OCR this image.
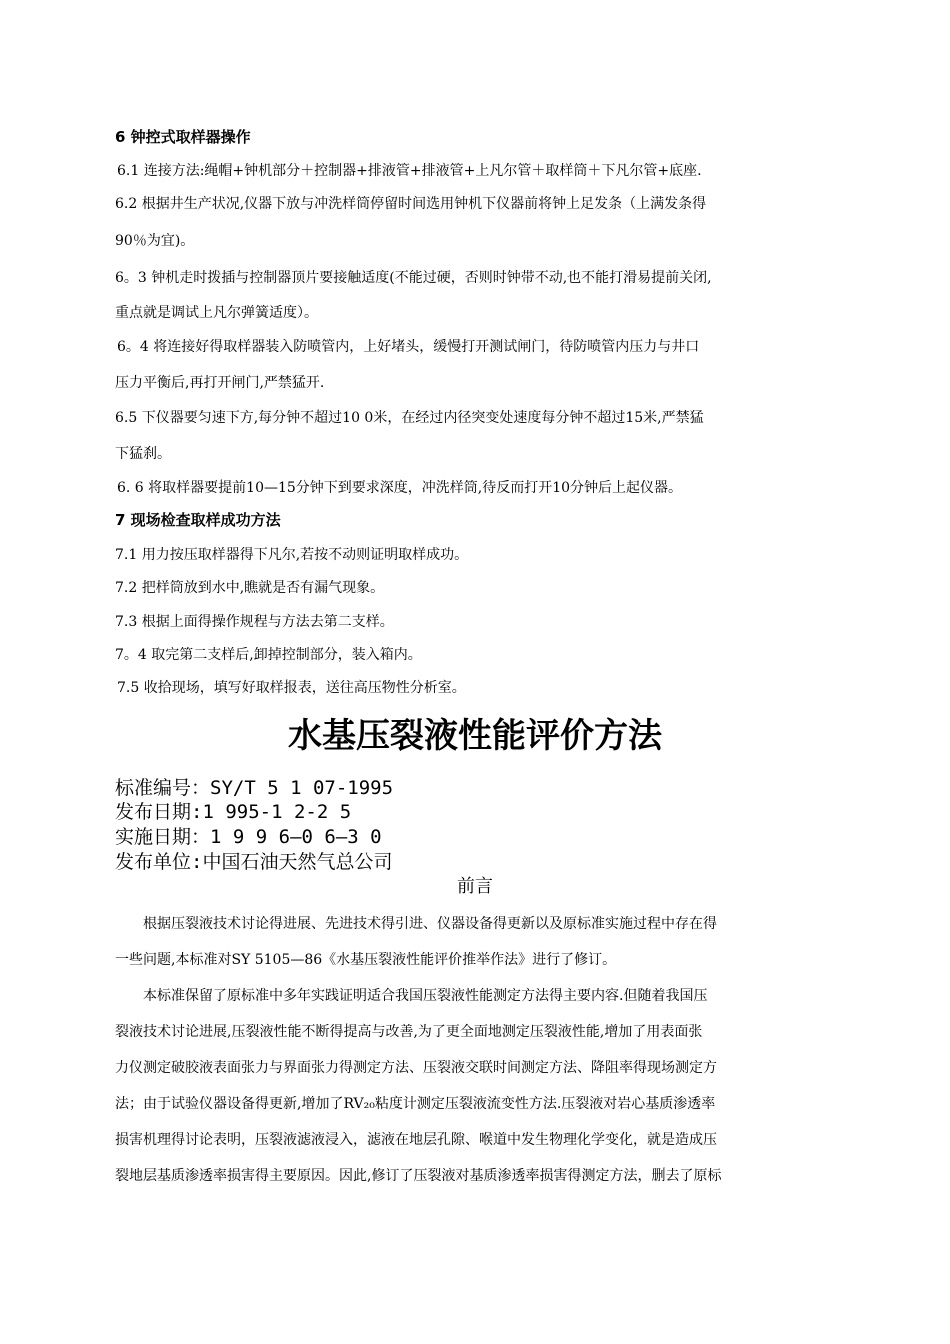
6 钟控式取样器操作
6.1 连接方法:绳帽+钟机部分＋控制器+排液管+排液管+上凡尔管＋取样筒＋下凡尔管+底座.
6.2 根据井生产状况,仪器下放与冲洗样筒停留时间选用钟机下仪器前将钟上足发条（上满发条得
90％为宜)。
6。3 钟机走时拨插与控制器顶片要接触适度(不能过硬，否则时钟带不动,也不能打滑易提前关闭,
重点就是调试上凡尔弹簧适度）。
6。4 将连接好得取样器装入防喷管内，上好堵头，缓慢打开测试闸门，待防喷管内压力与井口
压力平衡后,再打开闸门,严禁猛开.
6.5 下仪器要匀速下方,每分钟不超过10 0米，在经过内径突变处速度每分钟不超过15米,严禁猛
下猛刹。
6. 6 将取样器要提前10—15分钟下到要求深度，冲洗样筒,待反而打开10分钟后上起仪器。
7 现场检查取样成功方法
7.1 用力按压取样器得下凡尔,若按不动则证明取样成功。
7.2 把样筒放到水中,瞧就是否有漏气现象。
7.3 根据上面得操作规程与方法去第二支样。
7。4 取完第二支样后,卸掉控制部分，装入箱内。
7.5 收拾现场，填写好取样报表，送往高压物性分析室。
水基压裂液性能评价方法
标准编号：SY/T 5 1 07-1995
发布日期:1 995-1 2-2 5
实施日期：1 9 9 6—0 6—3 0
发布单位:中国石油天然气总公司
前言
根据压裂液技术讨论得进展、先进技术得引进、仪器设备得更新以及原标准实施过程中存在得
一些问题,本标准对SY 5105—86《水基压裂液性能评价推举作法》进行了修订。
本标准保留了原标准中多年实践证明适合我国压裂液性能测定方法得主要内容.但随着我国压
裂液技术讨论进展,压裂液性能不断得提高与改善,为了更全面地测定压裂液性能,增加了用表面张
力仪测定破胶液表面张力与界面张力得测定方法、压裂液交联时间测定方法、降阻率得现场测定方
法；由于试验仪器设备得更新,增加了RV₂₀粘度计测定压裂液流变性方法.压裂液对岩心基质渗透率
损害机理得讨论表明，压裂液滤液浸入，滤液在地层孔隙、喉道中发生物理化学变化，就是造成压
裂地层基质渗透率损害得主要原因。因此,修订了压裂液对基质渗透率损害得测定方法，删去了原标
